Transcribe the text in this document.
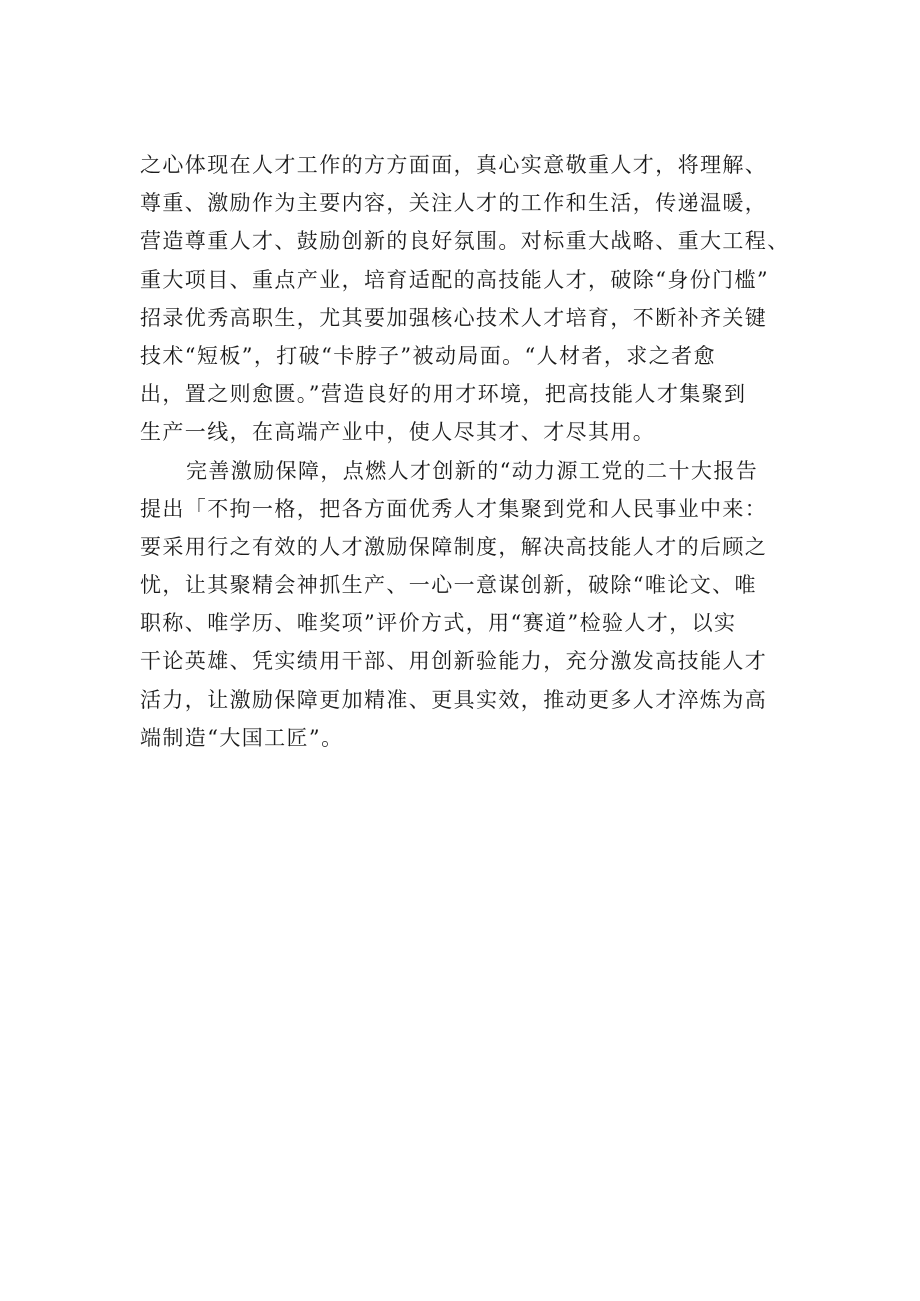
之心体现在人才工作的方方面面，真心实意敬重人才，将理解、
尊重、激励作为主要内容，关注人才的工作和生活，传递温暖，
营造尊重人才、鼓励创新的良好氛围。对标重大战略、重大工程、
重大项目、重点产业，培育适配的高技能人才，破除“身份门槛”
招录优秀高职生，尤其要加强核心技术人才培育，不断补齐关键
技术“短板”，打破“卡脖子”被动局面。“人材者，求之者愈
出，置之则愈匮。”营造良好的用才环境，把高技能人才集聚到
生产一线，在高端产业中，使人尽其才、才尽其用。
完善激励保障，点燃人才创新的“动力源工党的二十大报告
提出「不拘一格，把各方面优秀人才集聚到党和人民事业中来：
要采用行之有效的人才激励保障制度，解决高技能人才的后顾之
忧，让其聚精会神抓生产、一心一意谋创新，破除“唯论文、唯
职称、唯学历、唯奖项”评价方式，用“赛道”检验人才，以实
干论英雄、凭实绩用干部、用创新验能力，充分激发高技能人才
活力，让激励保障更加精准、更具实效，推动更多人才淬炼为高
端制造“大国工匠”。
